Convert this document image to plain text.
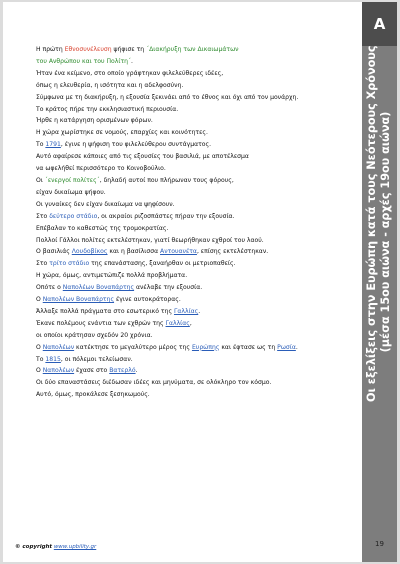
Α
Οι εξελίξεις στην Ευρώπη κατά τους Νεότερους Χρόνους (μέσα 15ου αιώνα - αρχές 19ου αιώνα)
Η πρώτη Εθνοσυνέλευση ψήφισε τη ΄Διακήρυξη των Δικαιωμάτων
του Ανθρώπου και του Πολίτη΄.
Ήταν ένα κείμενο, στο οποίο γράφτηκαν φιλελεύθερες ιδέες,
όπως η ελευθερία, η ισότητα και η αδελφοσύνη.
Σύμφωνα με τη διακήρυξη, η εξουσία ξεκινάει από το έθνος και όχι από τον μονάρχη.
Το κράτος πήρε την εκκλησιαστική περιουσία.
Ήρθε η κατάργηση ορισμένων φόρων.
Η χώρα χωρίστηκε σε νομούς, επαρχίες και κοινότητες.
Το 1791, έγινε η ψήφιση του φιλελεύθερου συντάγματος.
Αυτό αφαίρεσε κάποιες από τις εξουσίες του βασιλιά, με αποτέλεσμα
να ωφελήθεί περισσότερο το Κοινοβούλιο.
Οι ΄ενεργοί πολίτες΄, δηλαδή αυτοί που πλήρωναν τους φόρους,
είχαν δικαίωμα ψήφου.
Οι γυναίκες δεν είχαν δικαίωμα να ψηφίσουν.
Στο δεύτερο στάδιο, οι ακραίοι ριζοσπάστες πήραν την εξουσία.
Επέβαλαν το καθεστώς της τρομοκρατίας.
Πολλοί Γάλλοι πολίτες εκτελέστηκαν, γιατί θεωρήθηκαν εχθροί του λαού.
Ο βασιλιάς Λουδοβίκος και η βασίλισσα Αντουανέτα, επίσης εκτελέστηκαν.
Στο τρίτο στάδιο της επανάστασης, ξαναήρθαν οι μετριοπαθείς.
Η χώρα, όμως, αντιμετώπιζε πολλά προβλήματα.
Οπότε ο Ναπολέων Βοναπάρτης ανέλαβε την εξουσία.
Ο Ναπολέων Βοναπάρτης έγινε αυτοκράτορας.
Άλλαξε πολλά πράγματα στο εσωτερικό της Γαλλίας.
Έκανε πολέμους ενάντια των εχθρών της Γαλλίας,
οι οποίοι κράτησαν σχεδόν 20 χρόνια.
Ο Ναπολέων κατέκτησε το μεγαλύτερο μέρος της Ευρώπης και έφτασε ως τη Ρωσία.
Το 1815, οι πόλεμοι τελείωσαν.
Ο Ναπολέων έχασε στο Βατερλό.
Οι δύο επαναστάσεις διέδωσαν ιδέες και μηνύματα, σε ολόκληρο τον κόσμο.
Αυτό, όμως, προκάλεσε ξεσηκωμούς.
© copyright www.upbility.gr	19
